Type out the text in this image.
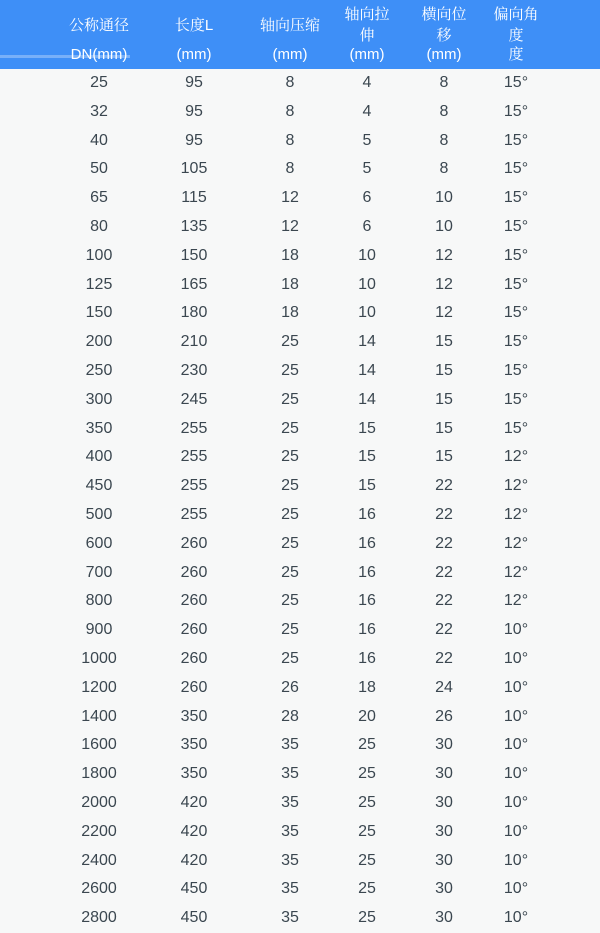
公称通径	长度L	轴向压缩	轴向拉伸	横向位移	偏向角度
DN(mm)	(mm)	(mm)	(mm)	(mm)	度
25	95	8	4	8	15°
32	95	8	4	8	15°
40	95	8	5	8	15°
50	105	8	5	8	15°
65	115	12	6	10	15°
80	135	12	6	10	15°
100	150	18	10	12	15°
125	165	18	10	12	15°
150	180	18	10	12	15°
200	210	25	14	15	15°
250	230	25	14	15	15°
300	245	25	14	15	15°
350	255	25	15	15	15°
400	255	25	15	15	12°
450	255	25	15	22	12°
500	255	25	16	22	12°
600	260	25	16	22	12°
700	260	25	16	22	12°
800	260	25	16	22	12°
900	260	25	16	22	10°
1000	260	25	16	22	10°
1200	260	26	18	24	10°
1400	350	28	20	26	10°
1600	350	35	25	30	10°
1800	350	35	25	30	10°
2000	420	35	25	30	10°
2200	420	35	25	30	10°
2400	420	35	25	30	10°
2600	450	35	25	30	10°
2800	450	35	25	30	10°
